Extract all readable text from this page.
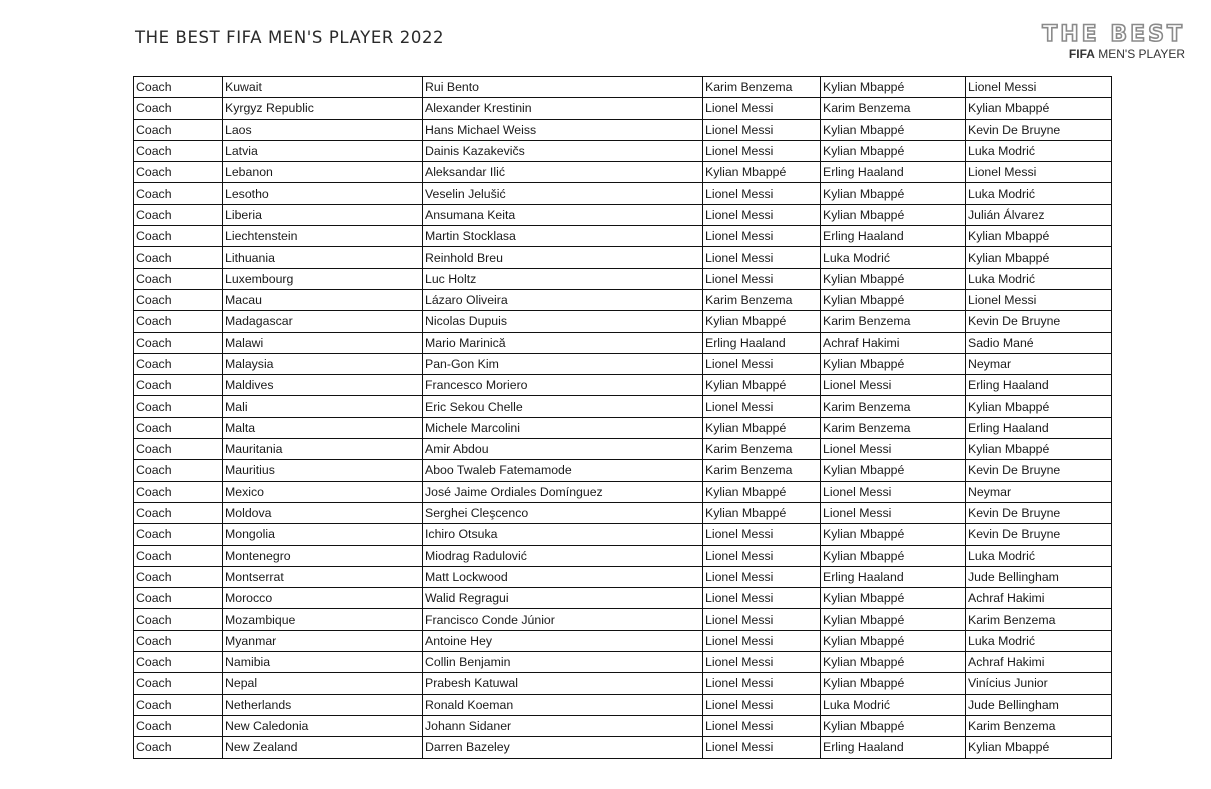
THE BEST FIFA MEN'S PLAYER 2022	THE BEST
FIFA MEN'S PLAYER
Coach	Kuwait	Rui Bento	Karim Benzema	Kylian Mbappé	Lionel Messi
Coach	Kyrgyz Republic	Alexander Krestinin	Lionel Messi	Karim Benzema	Kylian Mbappé
Coach	Laos	Hans Michael Weiss	Lionel Messi	Kylian Mbappé	Kevin De Bruyne
Coach	Latvia	Dainis Kazakevičs	Lionel Messi	Kylian Mbappé	Luka Modrić
Coach	Lebanon	Aleksandar Ilić	Kylian Mbappé	Erling Haaland	Lionel Messi
Coach	Lesotho	Veselin Jelušić	Lionel Messi	Kylian Mbappé	Luka Modrić
Coach	Liberia	Ansumana Keita	Lionel Messi	Kylian Mbappé	Julián Álvarez
Coach	Liechtenstein	Martin Stocklasa	Lionel Messi	Erling Haaland	Kylian Mbappé
Coach	Lithuania	Reinhold Breu	Lionel Messi	Luka Modrić	Kylian Mbappé
Coach	Luxembourg	Luc Holtz	Lionel Messi	Kylian Mbappé	Luka Modrić
Coach	Macau	Lázaro Oliveira	Karim Benzema	Kylian Mbappé	Lionel Messi
Coach	Madagascar	Nicolas Dupuis	Kylian Mbappé	Karim Benzema	Kevin De Bruyne
Coach	Malawi	Mario Marinică	Erling Haaland	Achraf Hakimi	Sadio Mané
Coach	Malaysia	Pan-Gon Kim	Lionel Messi	Kylian Mbappé	Neymar
Coach	Maldives	Francesco Moriero	Kylian Mbappé	Lionel Messi	Erling Haaland
Coach	Mali	Eric Sekou Chelle	Lionel Messi	Karim Benzema	Kylian Mbappé
Coach	Malta	Michele Marcolini	Kylian Mbappé	Karim Benzema	Erling Haaland
Coach	Mauritania	Amir Abdou	Karim Benzema	Lionel Messi	Kylian Mbappé
Coach	Mauritius	Aboo Twaleb Fatemamode	Karim Benzema	Kylian Mbappé	Kevin De Bruyne
Coach	Mexico	José Jaime Ordiales Domínguez	Kylian Mbappé	Lionel Messi	Neymar
Coach	Moldova	Serghei Cleşcenco	Kylian Mbappé	Lionel Messi	Kevin De Bruyne
Coach	Mongolia	Ichiro Otsuka	Lionel Messi	Kylian Mbappé	Kevin De Bruyne
Coach	Montenegro	Miodrag Radulović	Lionel Messi	Kylian Mbappé	Luka Modrić
Coach	Montserrat	Matt Lockwood	Lionel Messi	Erling Haaland	Jude Bellingham
Coach	Morocco	Walid Regragui	Lionel Messi	Kylian Mbappé	Achraf Hakimi
Coach	Mozambique	Francisco Conde Júnior	Lionel Messi	Kylian Mbappé	Karim Benzema
Coach	Myanmar	Antoine Hey	Lionel Messi	Kylian Mbappé	Luka Modrić
Coach	Namibia	Collin Benjamin	Lionel Messi	Kylian Mbappé	Achraf Hakimi
Coach	Nepal	Prabesh Katuwal	Lionel Messi	Kylian Mbappé	Vinícius Junior
Coach	Netherlands	Ronald Koeman	Lionel Messi	Luka Modrić	Jude Bellingham
Coach	New Caledonia	Johann Sidaner	Lionel Messi	Kylian Mbappé	Karim Benzema
Coach	New Zealand	Darren Bazeley	Lionel Messi	Erling Haaland	Kylian Mbappé
